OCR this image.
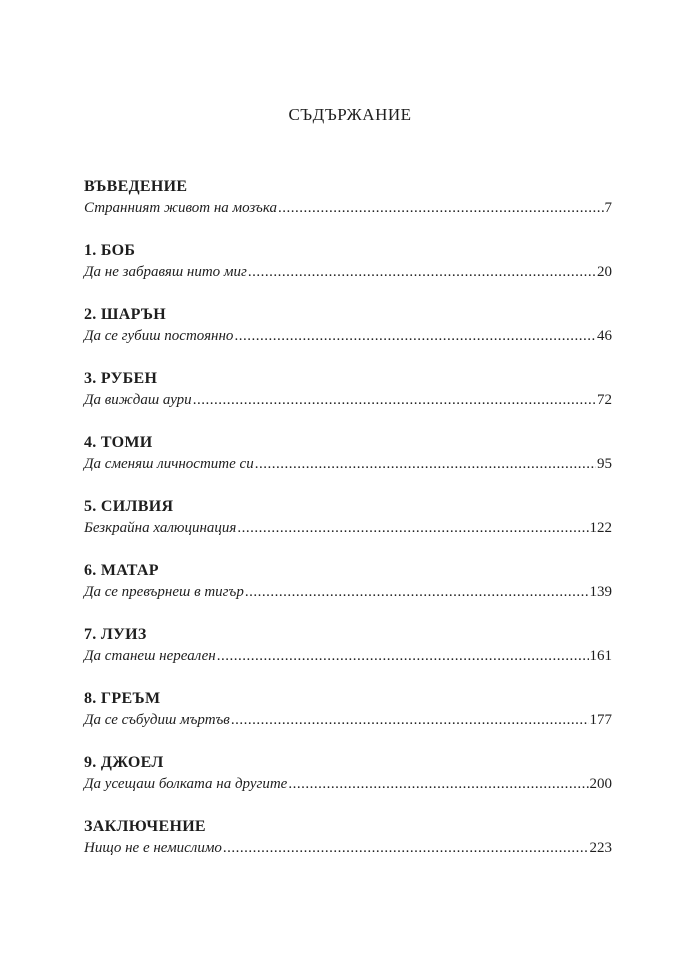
СЪДЪРЖАНИЕ
ВЪВЕДЕНИЕ
Странният живот на мозъка .....	7
1. БОБ
Да не забравяш нито миг .....	20
2. ШАРЪН
Да се губиш постоянно .....	46
3. РУБЕН
Да виждаш аури .....	72
4. ТОМИ
Да сменяш личностите си .....	95
5. СИЛВИЯ
Безкрайна халюцинация .....	122
6. МАТАР
Да се превърнеш в тигър .....	139
7. ЛУИЗ
Да станеш нереален .....	161
8. ГРЕЪМ
Да се събудиш мъртъв .....	177
9. ДЖОЕЛ
Да усещаш болката на другите .....	200
ЗАКЛЮЧЕНИЕ
Нищо не е немислимо .....	223
